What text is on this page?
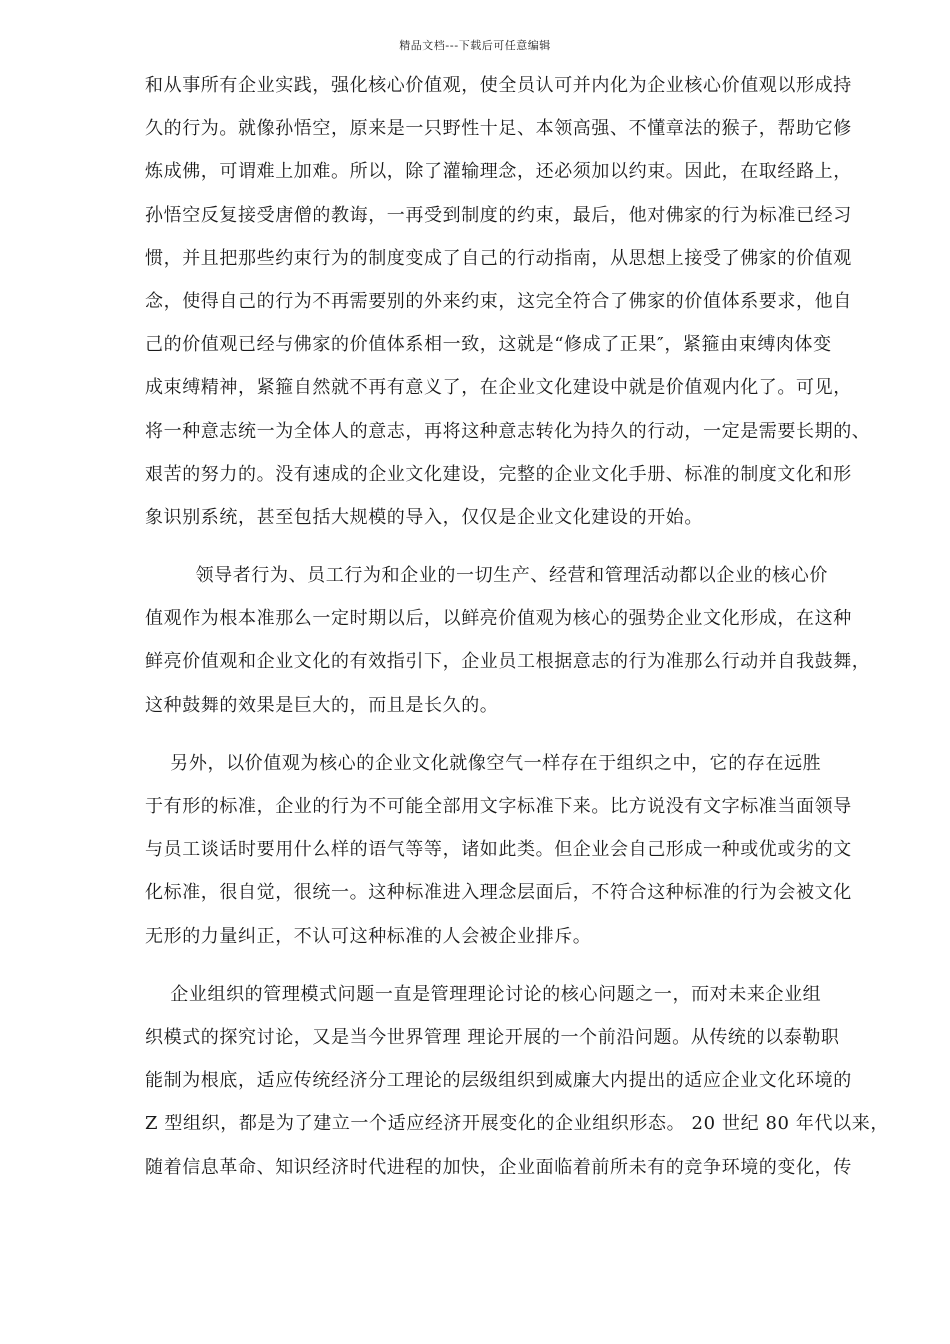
精品文档---下载后可任意编辑
和从事所有企业实践，强化核心价值观，使全员认可并内化为企业核心价值观以形成持
久的行为。就像孙悟空，原来是一只野性十足、本领高强、不懂章法的猴子，帮助它修
炼成佛，可谓难上加难。所以，除了灌输理念，还必须加以约束。因此，在取经路上，
孙悟空反复接受唐僧的教诲，一再受到制度的约束，最后，他对佛家的行为标准已经习
惯，并且把那些约束行为的制度变成了自己的行动指南，从思想上接受了佛家的价值观
念，使得自己的行为不再需要别的外来约束，这完全符合了佛家的价值体系要求，他自
己的价值观已经与佛家的价值体系相一致，这就是“修成了正果″，紧箍由束缚肉体变
成束缚精神，紧箍自然就不再有意义了，在企业文化建设中就是价值观内化了。可见，
将一种意志统一为全体人的意志，再将这种意志转化为持久的行动，一定是需要长期的、
艰苦的努力的。没有速成的企业文化建设，完整的企业文化手册、标准的制度文化和形
象识别系统，甚至包括大规模的导入，仅仅是企业文化建设的开始。
领导者行为、员工行为和企业的一切生产、经营和管理活动都以企业的核心价
值观作为根本准那么一定时期以后，以鲜亮价值观为核心的强势企业文化形成，在这种
鲜亮价值观和企业文化的有效指引下，企业员工根据意志的行为准那么行动并自我鼓舞，
这种鼓舞的效果是巨大的，而且是长久的。
另外，以价值观为核心的企业文化就像空气一样存在于组织之中，它的存在远胜
于有形的标准，企业的行为不可能全部用文字标准下来。比方说没有文字标准当面领导
与员工谈话时要用什么样的语气等等，诸如此类。但企业会自己形成一种或优或劣的文
化标准，很自觉，很统一。这种标准进入理念层面后，不符合这种标准的行为会被文化
无形的力量纠正，不认可这种标准的人会被企业排斥。
企业组织的管理模式问题一直是管理理论讨论的核心问题之一，而对未来企业组
织模式的探究讨论，又是当今世界管理 理论开展的一个前沿问题。从传统的以泰勒职
能制为根底，适应传统经济分工理论的层级组织到威廉大内提出的适应企业文化环境的
Z 型组织，都是为了建立一个适应经济开展变化的企业组织形态。 20 世纪 80 年代以来，
随着信息革命、知识经济时代进程的加快，企业面临着前所未有的竞争环境的变化，传
